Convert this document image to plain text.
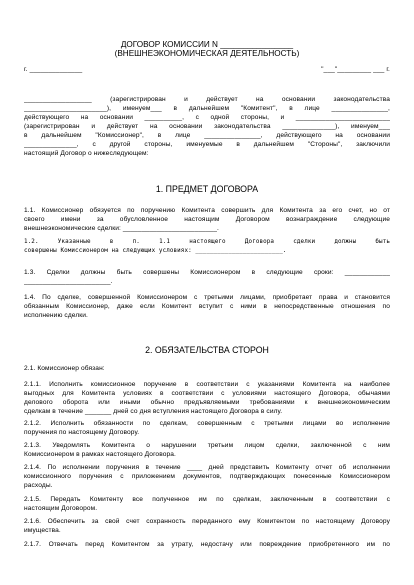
ДОГОВОР КОМИССИИ N ________________
(ВНЕШНЕЭКОНОМИЧЕСКАЯ ДЕЯТЕЛЬНОСТЬ)
г. ______________	"___"_________ ___ г.
__________________ (зарегистрирован и действует на основании законодательства
______________________), именуем___ в дальнейшем "Комитент", в лице _______________,
действующего на основании __________, с одной стороны, и _________________________
(зарегистрирован и действует на основании законодательства ______________), именуем___
в дальнейшем "Комиссионер", в лице _______________, действующего на основании
______________, с другой стороны, именуемые в дальнейшем "Стороны", заключили
настоящий Договор о нижеследующем:
1. ПРЕДМЕТ ДОГОВОРА
1.1. Комиссионер обязуется по поручению Комитента совершить для Комитента за его счет, но от
своего имени за обусловленное настоящим Договором вознаграждение следующие
внешнеэкономические сделки: _________________________.
1.2. Указанные в п. 1.1 настоящего Договора сделки должны быть
совершены Комиссионером на следующих условиях: ________________________.
1.3. Сделки должны быть совершены Комиссионером в следующие сроки: ____________
_______________________.
1.4. По сделке, совершенной Комиссионером с третьими лицами, приобретает права и становится
обязанным Комиссионер, даже если Комитент вступит с ними в непосредственные отношения по
исполнению сделки.
2. ОБЯЗАТЕЛЬСТВА СТОРОН
2.1. Комиссионер обязан:
2.1.1. Исполнить комиссионное поручение в соответствии с указаниями Комитента на наиболее
выгодных для Комитента условиях в соответствии с условиями настоящего Договора, обычаями
делового оборота или иными обычно предъявляемыми требованиями к внешнеэкономическим
сделкам в течение _______ дней со дня вступления настоящего Договора в силу.
2.1.2. Исполнить обязанности по сделкам, совершенным с третьими лицами во исполнение
поручения по настоящему Договору.
2.1.3. Уведомлять Комитента о нарушении третьим лицом сделки, заключенной с ним
Комиссионером в рамках настоящего Договора.
2.1.4. По исполнении поручения в течение ____ дней представить Комитенту отчет об исполнении
комиссионного поручения с приложением документов, подтверждающих понесенные Комиссионером
расходы.
2.1.5. Передать Комитенту все полученное им по сделкам, заключенным в соответствии с
настоящим Договором.
2.1.6. Обеспечить за свой счет сохранность переданного ему Комитентом по настоящему Договору
имущества.
2.1.7. Отвечать перед Комитентом за утрату, недостачу или повреждение приобретенного им по
